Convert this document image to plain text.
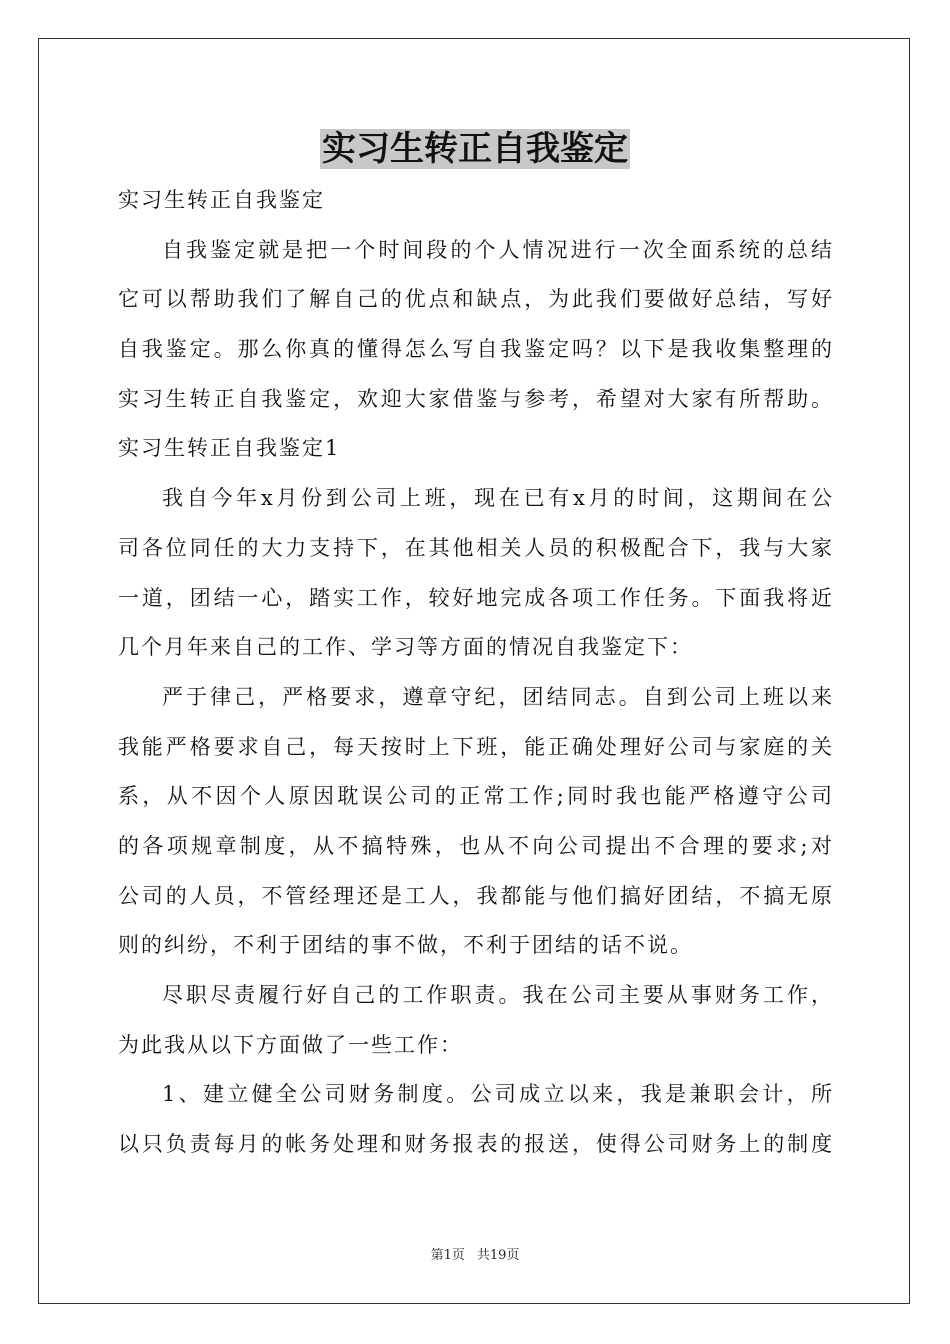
实习生转正自我鉴定
实习生转正自我鉴定
自我鉴定就是把一个时间段的个人情况进行一次全面系统的总结
它可以帮助我们了解自己的优点和缺点，为此我们要做好总结，写好
自我鉴定。那么你真的懂得怎么写自我鉴定吗？以下是我收集整理的
实习生转正自我鉴定，欢迎大家借鉴与参考，希望对大家有所帮助。
实习生转正自我鉴定1
我自今年x月份到公司上班，现在已有x月的时间，这期间在公
司各位同任的大力支持下，在其他相关人员的积极配合下，我与大家
一道，团结一心，踏实工作，较好地完成各项工作任务。下面我将近
几个月年来自己的工作、学习等方面的情况自我鉴定下：
严于律己，严格要求，遵章守纪，团结同志。自到公司上班以来
我能严格要求自己，每天按时上下班，能正确处理好公司与家庭的关
系，从不因个人原因耽误公司的正常工作;同时我也能严格遵守公司
的各项规章制度，从不搞特殊，也从不向公司提出不合理的要求;对
公司的人员，不管经理还是工人，我都能与他们搞好团结，不搞无原
则的纠纷，不利于团结的事不做，不利于团结的话不说。
尽职尽责履行好自己的工作职责。我在公司主要从事财务工作，
为此我从以下方面做了一些工作：
1、建立健全公司财务制度。公司成立以来，我是兼职会计，所
以只负责每月的帐务处理和财务报表的报送，使得公司财务上的制度
第1页 共19页
